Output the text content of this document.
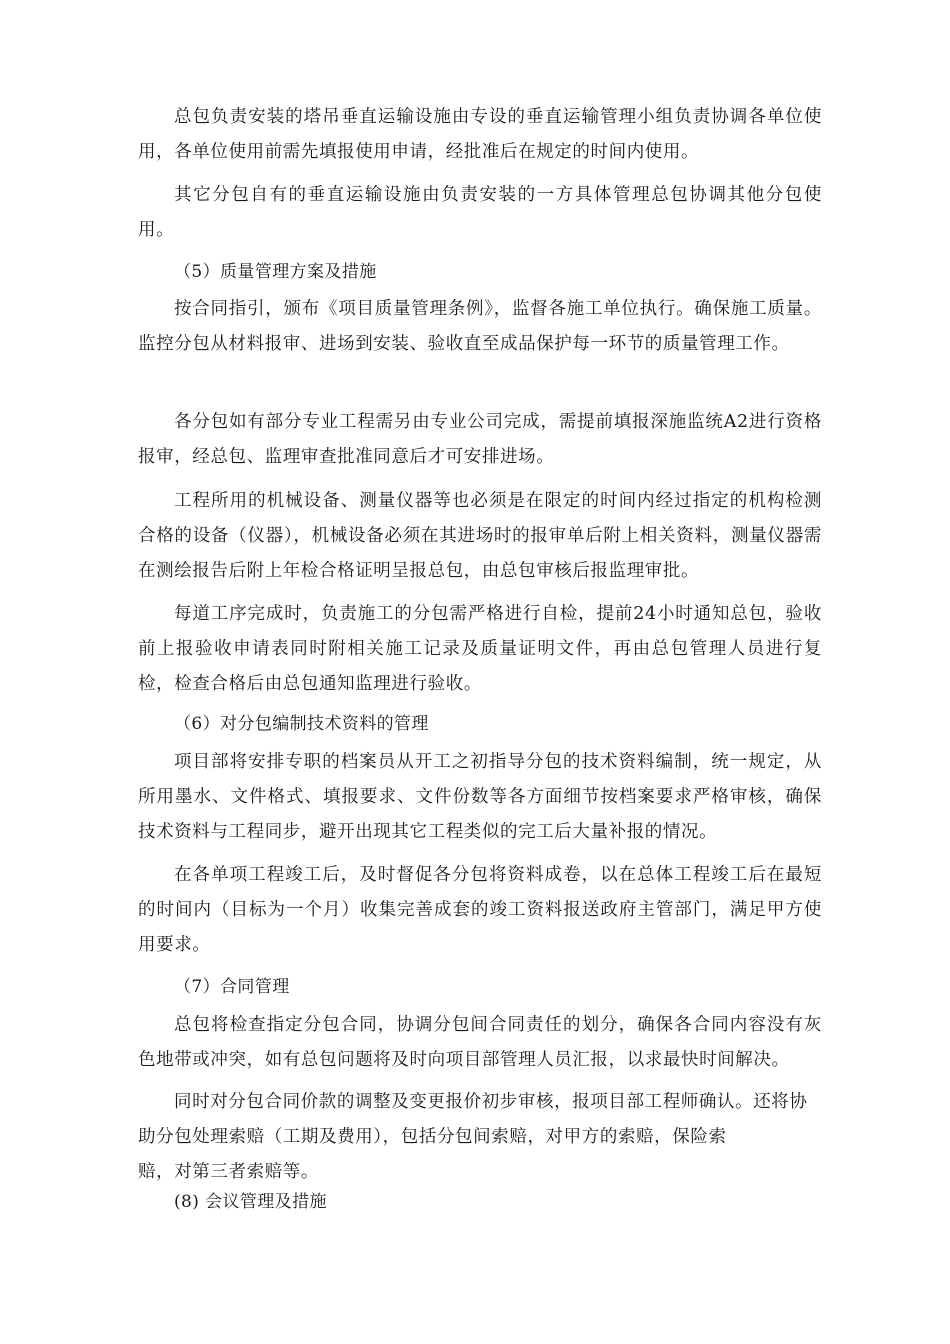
总包负责安装的塔吊垂直运输设施由专设的垂直运输管理小组负责协调各单位使用，各单位使用前需先填报使用申请，经批准后在规定的时间内使用。

其它分包自有的垂直运输设施由负责安装的一方具体管理总包协调其他分包使用。

（5）质量管理方案及措施

按合同指引，颁布《项目质量管理条例》，监督各施工单位执行。确保施工质量。监控分包从材料报审、进场到安装、验收直至成品保护每一环节的质量管理工作。

各分包如有部分专业工程需另由专业公司完成，需提前填报深施监统A2进行资格报审，经总包、监理审查批准同意后才可安排进场。

工程所用的机械设备、测量仪器等也必须是在限定的时间内经过指定的机构检测合格的设备（仪器），机械设备必须在其进场时的报审单后附上相关资料，测量仪器需在测绘报告后附上年检合格证明呈报总包，由总包审核后报监理审批。

每道工序完成时，负责施工的分包需严格进行自检，提前24小时通知总包，验收前上报验收申请表同时附相关施工记录及质量证明文件，再由总包管理人员进行复检，检查合格后由总包通知监理进行验收。

（6）对分包编制技术资料的管理

项目部将安排专职的档案员从开工之初指导分包的技术资料编制，统一规定，从所用墨水、文件格式、填报要求、文件份数等各方面细节按档案要求严格审核，确保技术资料与工程同步，避开出现其它工程类似的完工后大量补报的情况。

在各单项工程竣工后，及时督促各分包将资料成卷，以在总体工程竣工后在最短的时间内（目标为一个月）收集完善成套的竣工资料报送政府主管部门，满足甲方使用要求。

（7）合同管理

总包将检查指定分包合同，协调分包间合同责任的划分，确保各合同内容没有灰色地带或冲突，如有总包问题将及时向项目部管理人员汇报，以求最快时间解决。

同时对分包合同价款的调整及变更报价初步审核，报项目部工程师确认。还将协
助分包处理索赔（工期及费用），包括分包间索赔，对甲方的索赔，保险索
赔，对第三者索赔等。
(8) 会议管理及措施
